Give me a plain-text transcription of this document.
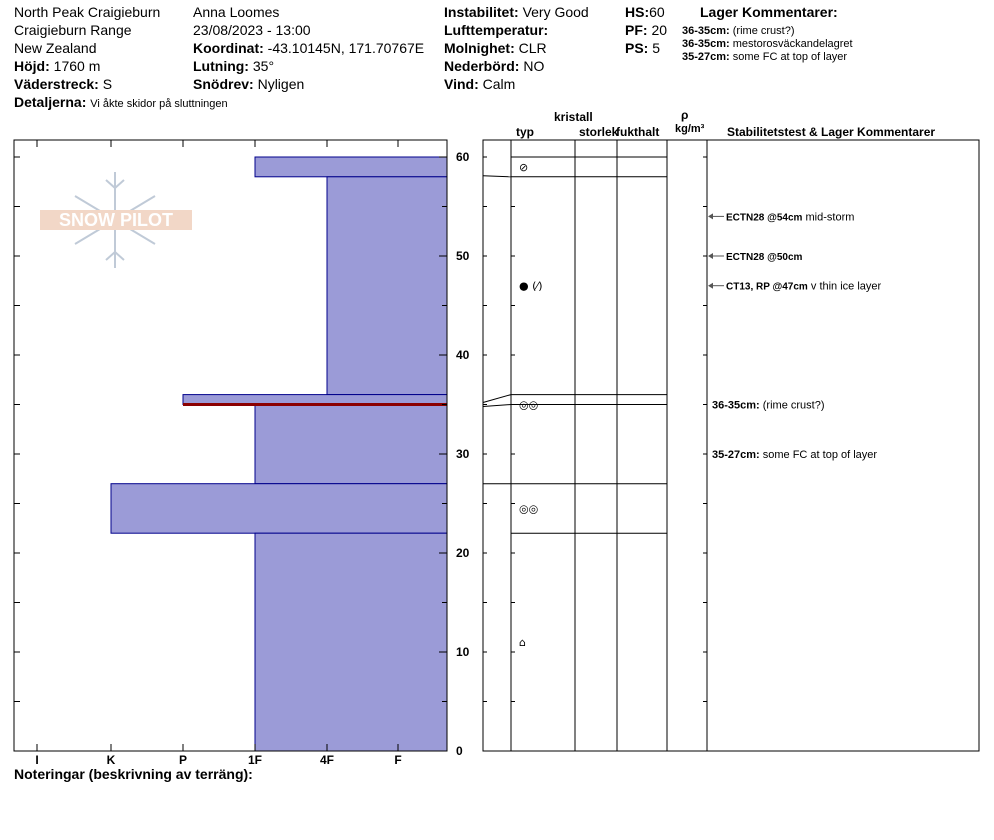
North Peak Craigieburn
Craigieburn Range
New Zealand
Höjd: 1760 m
Väderstreck: S
Detaljerna: Vi åkte skidor på sluttningen
Anna Loomes
23/08/2023 - 13:00
Koordinat: -43.10145N, 171.70767E
Lutning: 35°
Snödrev: Nyligen
Instabilitet: Very Good
Lufttemperatur:
Molnighet: CLR
Nederbörd: NO
Vind: Calm
HS:60
PF: 20
PS: 5
Lager Kommentarer:
36-35cm: (rime crust?)
36-35cm: mestorosväckandelagret
35-27cm: some FC at top of layer
kristall
typ	storlek
fukthalt
ρ
kg/m³ Stabilitetstest & Lager Kommentarer
Noteringar (beskrivning av terräng):
SNOW PILOT
0
10
20
30
40
50
60
I	K	P	1F	4F	F
⊘
● (⁄)
◎◎
◎◎
⌂
ECTN28 @54cm mid-storm
ECTN28 @50cm
CT13, RP @47cm v thin ice layer
36-35cm: (rime crust?)
35-27cm: some FC at top of layer
